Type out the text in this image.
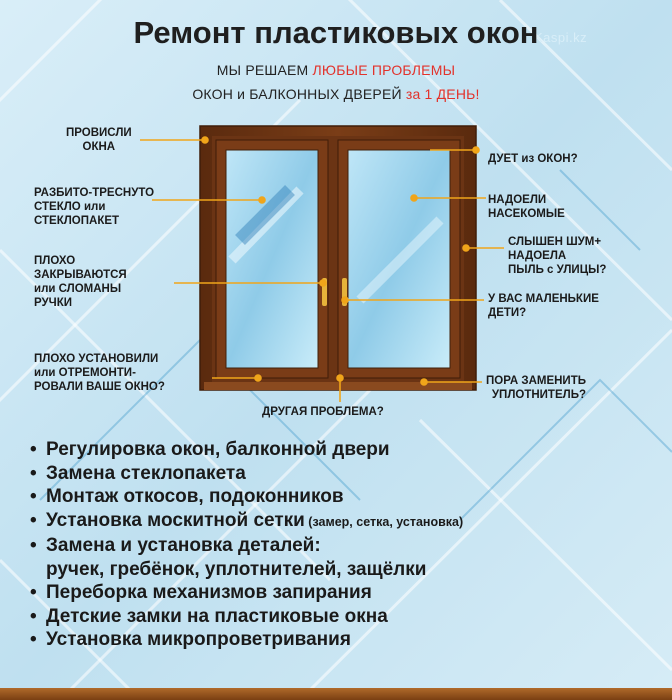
Kaspi.kz
Ремонт пластиковых окон
МЫ РЕШАЕМ ЛЮБЫЕ ПРОБЛЕМЫ
ОКОН и БАЛКОННЫХ ДВЕРЕЙ за 1 ДЕНЬ!
ПРОВИСЛИ
ОКНА
РАЗБИТО-ТРЕСНУТО
СТЕКЛО или
СТЕКЛОПАКЕТ
ПЛОХО
ЗАКРЫВАЮТСЯ
или СЛОМАНЫ
РУЧКИ
ПЛОХО УСТАНОВИЛИ
или ОТРЕМОНТИ-
РОВАЛИ ВАШЕ ОКНО?
ДУЕТ из ОКОН?
НАДОЕЛИ
НАСЕКОМЫЕ
СЛЫШЕН ШУМ+
НАДОЕЛА
ПЫЛЬ с УЛИЦЫ?
У ВАС МАЛЕНЬКИЕ
ДЕТИ?
ПОРА ЗАМЕНИТЬ
УПЛОТНИТЕЛЬ?
ДРУГАЯ ПРОБЛЕМА?
• Регулировка окон, балконной двери
• Замена стеклопакета
• Монтаж откосов, подоконников
• Установка москитной сетки (замер, сетка, установка)
• Замена и установка деталей:
ручек, гребёнок, уплотнителей, защёлки
• Переборка механизмов запирания
• Детские замки на пластиковые окна
• Установка микропроветривания
